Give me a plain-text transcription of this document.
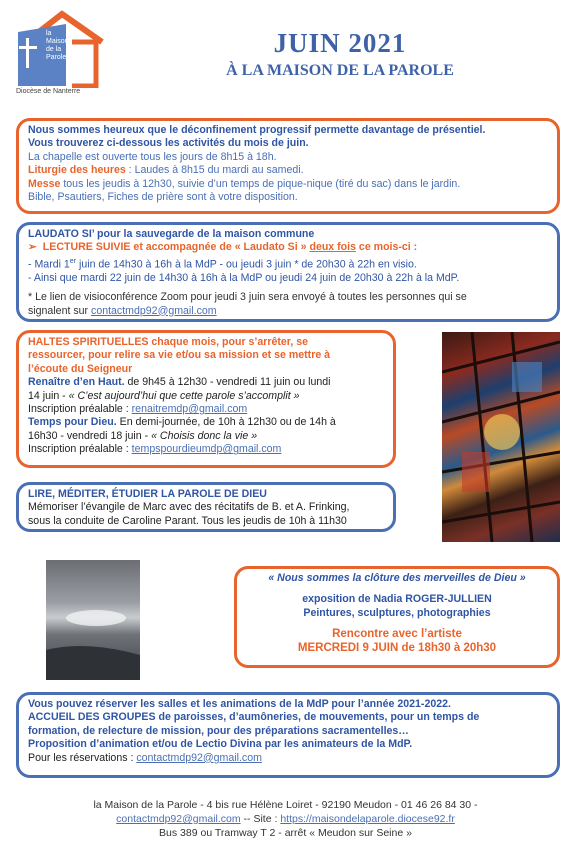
la
Maison
de la
Parole
Diocèse de Nanterre
JUIN 2021
À LA MAISON DE LA PAROLE

Nous sommes heureux que le déconfinement progressif permette davantage de présentiel.

Vous trouverez ci-dessous les activités du mois de juin.

La chapelle est ouverte tous les jours de 8h15 à 18h.

Liturgie des heures : Laudes à 8h15 du mardi au samedi.

Messe tous les jeudis à 12h30, suivie d’un temps de pique-nique (tiré du sac) dans le jardin.

Bible, Psautiers, Fiches de prière sont à votre disposition.

LAUDATO SI’ pour la sauvegarde de la maison commune

➢ LECTURE SUIVIE et accompagnée de « Laudato Si » deux fois ce mois-ci :

- Mardi 1er juin de 14h30 à 16h à la MdP - ou jeudi 3 juin * de 20h30 à 22h en visio.

- Ainsi que mardi 22 juin de 14h30 à 16h à la MdP ou jeudi 24 juin de 20h30 à 22h à la MdP.

* Le lien de visioconférence Zoom pour jeudi 3 juin sera envoyé à toutes les personnes qui se

signalent sur contactmdp92@gmail.com

HALTES SPIRITUELLES chaque mois, pour s’arrêter, se

ressourcer, pour relire sa vie et/ou sa mission et se mettre à

l’écoute du Seigneur

Renaître d’en Haut. de 9h45 à 12h30 - vendredi 11 juin ou lundi

14 juin - « C’est aujourd’hui que cette parole s’accomplit »

Inscription préalable : renaitremdp@gmail.com

Temps pour Dieu. En demi-journée, de 10h à 12h30 ou de 14h à

16h30 - vendredi 18 juin - « Choisis donc la vie »

Inscription préalable : tempspourdieumdp@gmail.com

LIRE, MÉDITER, ÉTUDIER LA PAROLE DE DIEU

Mémoriser l’évangile de Marc avec des récitatifs de B. et A. Frinking,

sous la conduite de Caroline Parant. Tous les jeudis de 10h à 11h30

« Nous sommes la clôture des merveilles de Dieu »

exposition de Nadia ROGER-JULLIEN

Peintures, sculptures, photographies

Rencontre avec l’artiste

MERCREDI 9 JUIN de 18h30 à 20h30

Vous pouvez réserver les salles et les animations de la MdP pour l’année 2021-2022.

ACCUEIL DES GROUPES de paroisses, d’aumôneries, de mouvements, pour un temps de

formation, de relecture de mission, pour des préparations sacramentelles…

Proposition d’animation et/ou de Lectio Divina par les animateurs de la MdP.

Pour les réservations : contactmdp92@gmail.com

la Maison de la Parole - 4 bis rue Hélène Loiret - 92190 Meudon - 01 46 26 84 30 -

contactmdp92@gmail.com -- Site : https://maisondelaparole.diocese92.fr

Bus 389 ou Tramway T 2 - arrêt « Meudon sur Seine »
